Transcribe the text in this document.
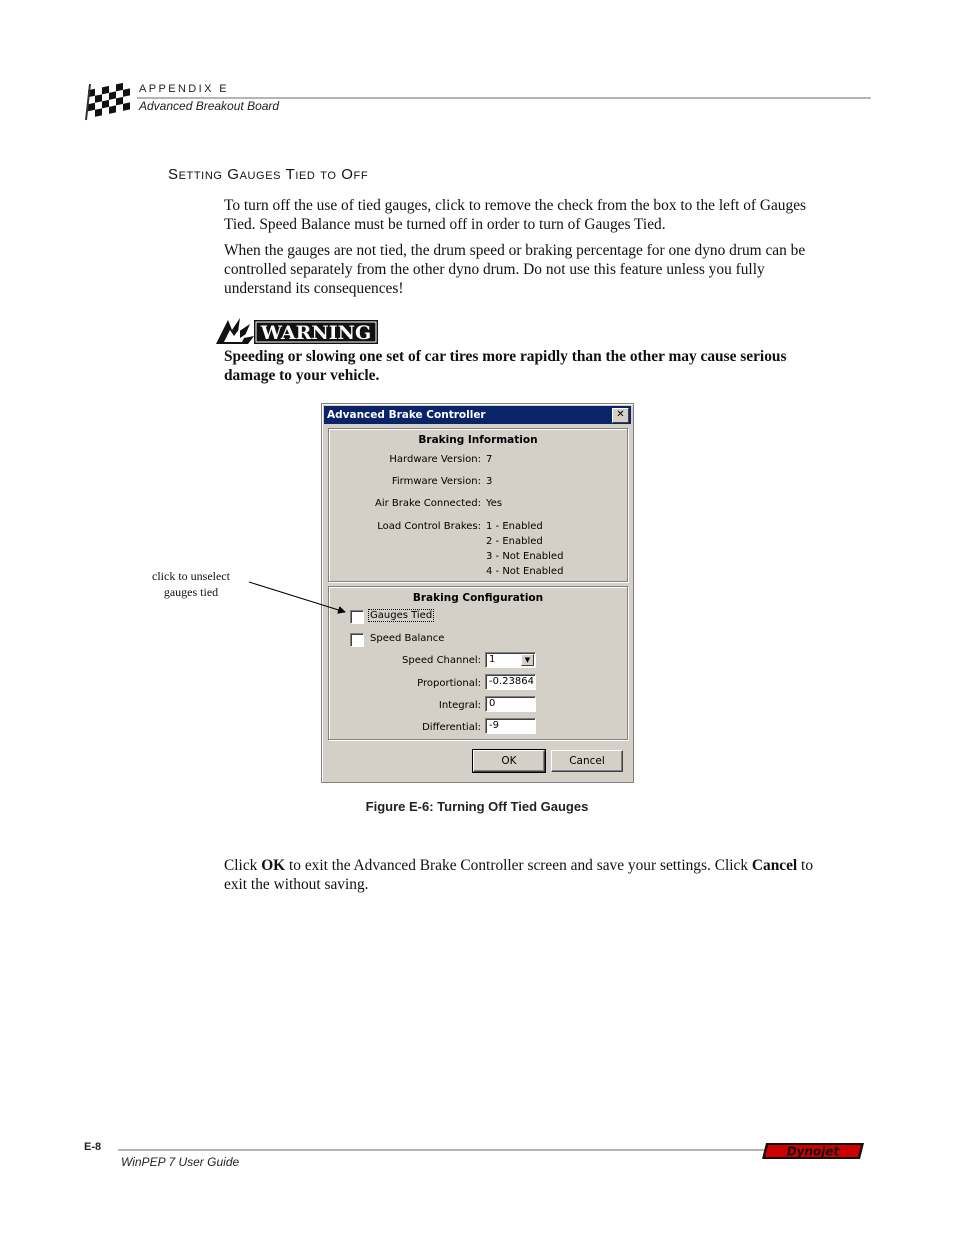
APPENDIX E
Advanced Breakout Board
Setting Gauges Tied to Off
To turn off the use of tied gauges, click to remove the check from the box to the left of Gauges Tied. Speed Balance must be turned off in order to turn of Gauges Tied.
When the gauges are not tied, the drum speed or braking percentage for one dyno drum can be controlled separately from the other dyno drum. Do not use this feature unless you fully understand its consequences!
WARNING
Speeding or slowing one set of car tires more rapidly than the other may cause serious damage to your vehicle.
Advanced Brake Controller	✕
Braking Information
Hardware Version: 7
Firmware Version: 3
Air Brake Connected: Yes
Load Control Brakes: 1 - Enabled
2 - Enabled
3 - Not Enabled
4 - Not Enabled
Braking Configuration
Gauges Tied
Speed Balance
Speed Channel: 1	▼
Proportional: -0.23864
Integral: 0
Differential: -9
OK	Cancel
click to unselect
gauges tied
Figure E-6: Turning Off Tied Gauges
Click OK to exit the Advanced Brake Controller screen and save your settings. Click Cancel to exit the without saving.
E-8
WinPEP 7 User Guide
Dynojet
